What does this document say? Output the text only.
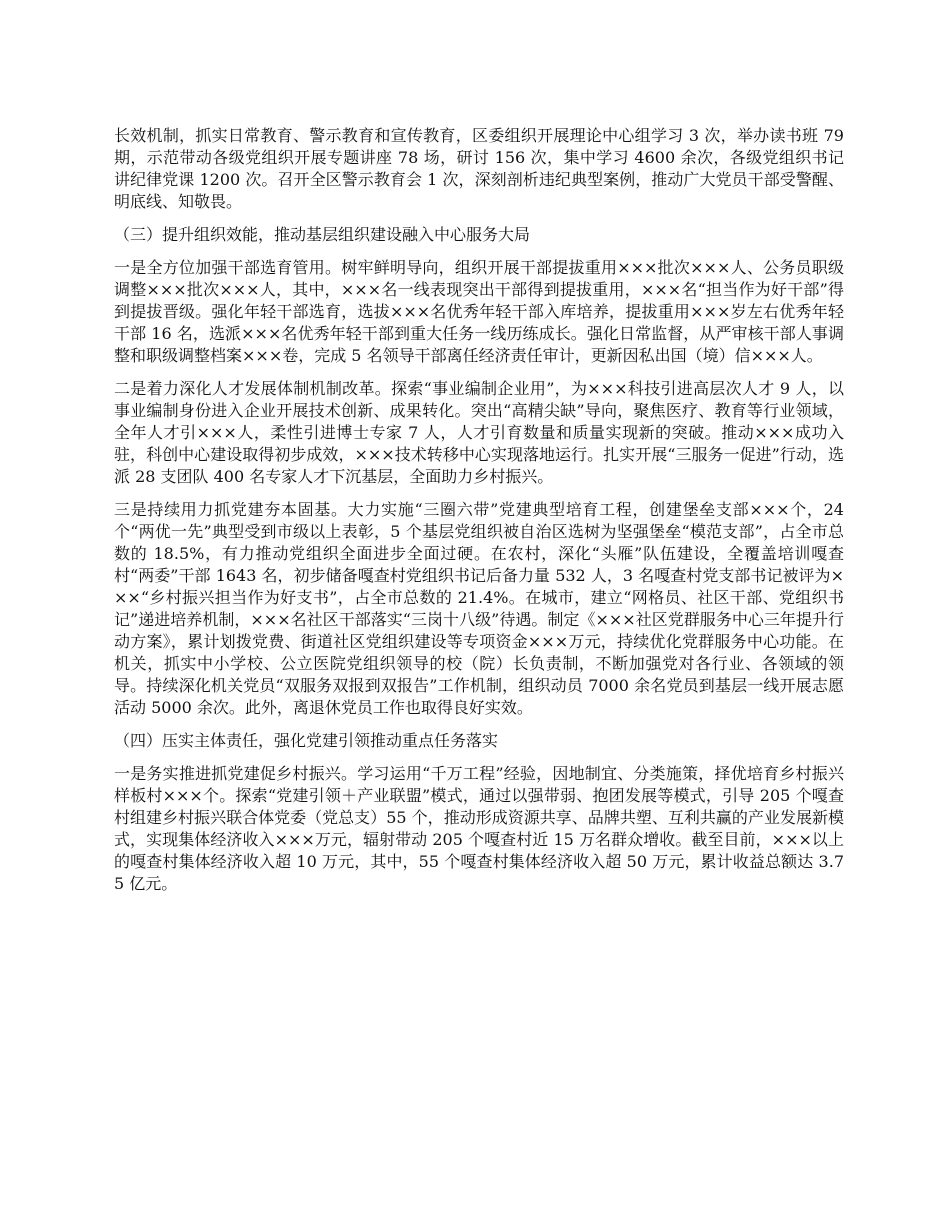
长效机制，抓实日常教育、警示教育和宣传教育，区委组织开展理论中心组学习 3 次，举办读书班 79 期，示范带动各级党组织开展专题讲座 78 场，研讨 156 次，集中学习 4600 余次，各级党组织书记讲纪律党课 1200 次。召开全区警示教育会 1 次，深刻剖析违纪典型案例，推动广大党员干部受警醒、明底线、知敬畏。

（三）提升组织效能，推动基层组织建设融入中心服务大局

一是全方位加强干部选育管用。树牢鲜明导向，组织开展干部提拔重用×××批次×××人、公务员职级调整×××批次×××人，其中，×××名一线表现突出干部得到提拔重用，×××名“担当作为好干部”得到提拔晋级。强化年轻干部选育，选拔×××名优秀年轻干部入库培养，提拔重用×××岁左右优秀年轻干部 16 名，选派×××名优秀年轻干部到重大任务一线历练成长。强化日常监督，从严审核干部人事调整和职级调整档案×××卷，完成 5 名领导干部离任经济责任审计，更新因私出国（境）信×××人。

二是着力深化人才发展体制机制改革。探索“事业编制企业用”，为×××科技引进高层次人才 9 人，以事业编制身份进入企业开展技术创新、成果转化。突出“高精尖缺”导向，聚焦医疗、教育等行业领域，全年人才引×××人，柔性引进博士专家 7 人，人才引育数量和质量实现新的突破。推动×××成功入驻，科创中心建设取得初步成效，×××技术转移中心实现落地运行。扎实开展“三服务一促进”行动，选派 28 支团队 400 名专家人才下沉基层，全面助力乡村振兴。

三是持续用力抓党建夯本固基。大力实施“三圈六带”党建典型培育工程，创建堡垒支部×××个，24 个“两优一先”典型受到市级以上表彰，5 个基层党组织被自治区选树为坚强堡垒“模范支部”，占全市总数的 18.5%，有力推动党组织全面进步全面过硬。在农村，深化“头雁”队伍建设，全覆盖培训嘎查村“两委”干部 1643 名，初步储备嘎查村党组织书记后备力量 532 人，3 名嘎查村党支部书记被评为×××“乡村振兴担当作为好支书”，占全市总数的 21.4%。在城市，建立“网格员、社区干部、党组织书记”递进培养机制，×××名社区干部落实“三岗十八级”待遇。制定《×××社区党群服务中心三年提升行动方案》，累计划拨党费、街道社区党组织建设等专项资金×××万元，持续优化党群服务中心功能。在机关，抓实中小学校、公立医院党组织领导的校（院）长负责制，不断加强党对各行业、各领域的领导。持续深化机关党员“双服务双报到双报告”工作机制，组织动员 7000 余名党员到基层一线开展志愿活动 5000 余次。此外，离退休党员工作也取得良好实效。

（四）压实主体责任，强化党建引领推动重点任务落实

一是务实推进抓党建促乡村振兴。学习运用“千万工程”经验，因地制宜、分类施策，择优培育乡村振兴样板村×××个。探索“党建引领＋产业联盟”模式，通过以强带弱、抱团发展等模式，引导 205 个嘎查村组建乡村振兴联合体党委（党总支）55 个，推动形成资源共享、品牌共塑、互利共赢的产业发展新模式，实现集体经济收入×××万元，辐射带动 205 个嘎查村近 15 万名群众增收。截至目前，×××以上的嘎查村集体经济收入超 10 万元，其中，55 个嘎查村集体经济收入超 50 万元，累计收益总额达 3.75 亿元。
